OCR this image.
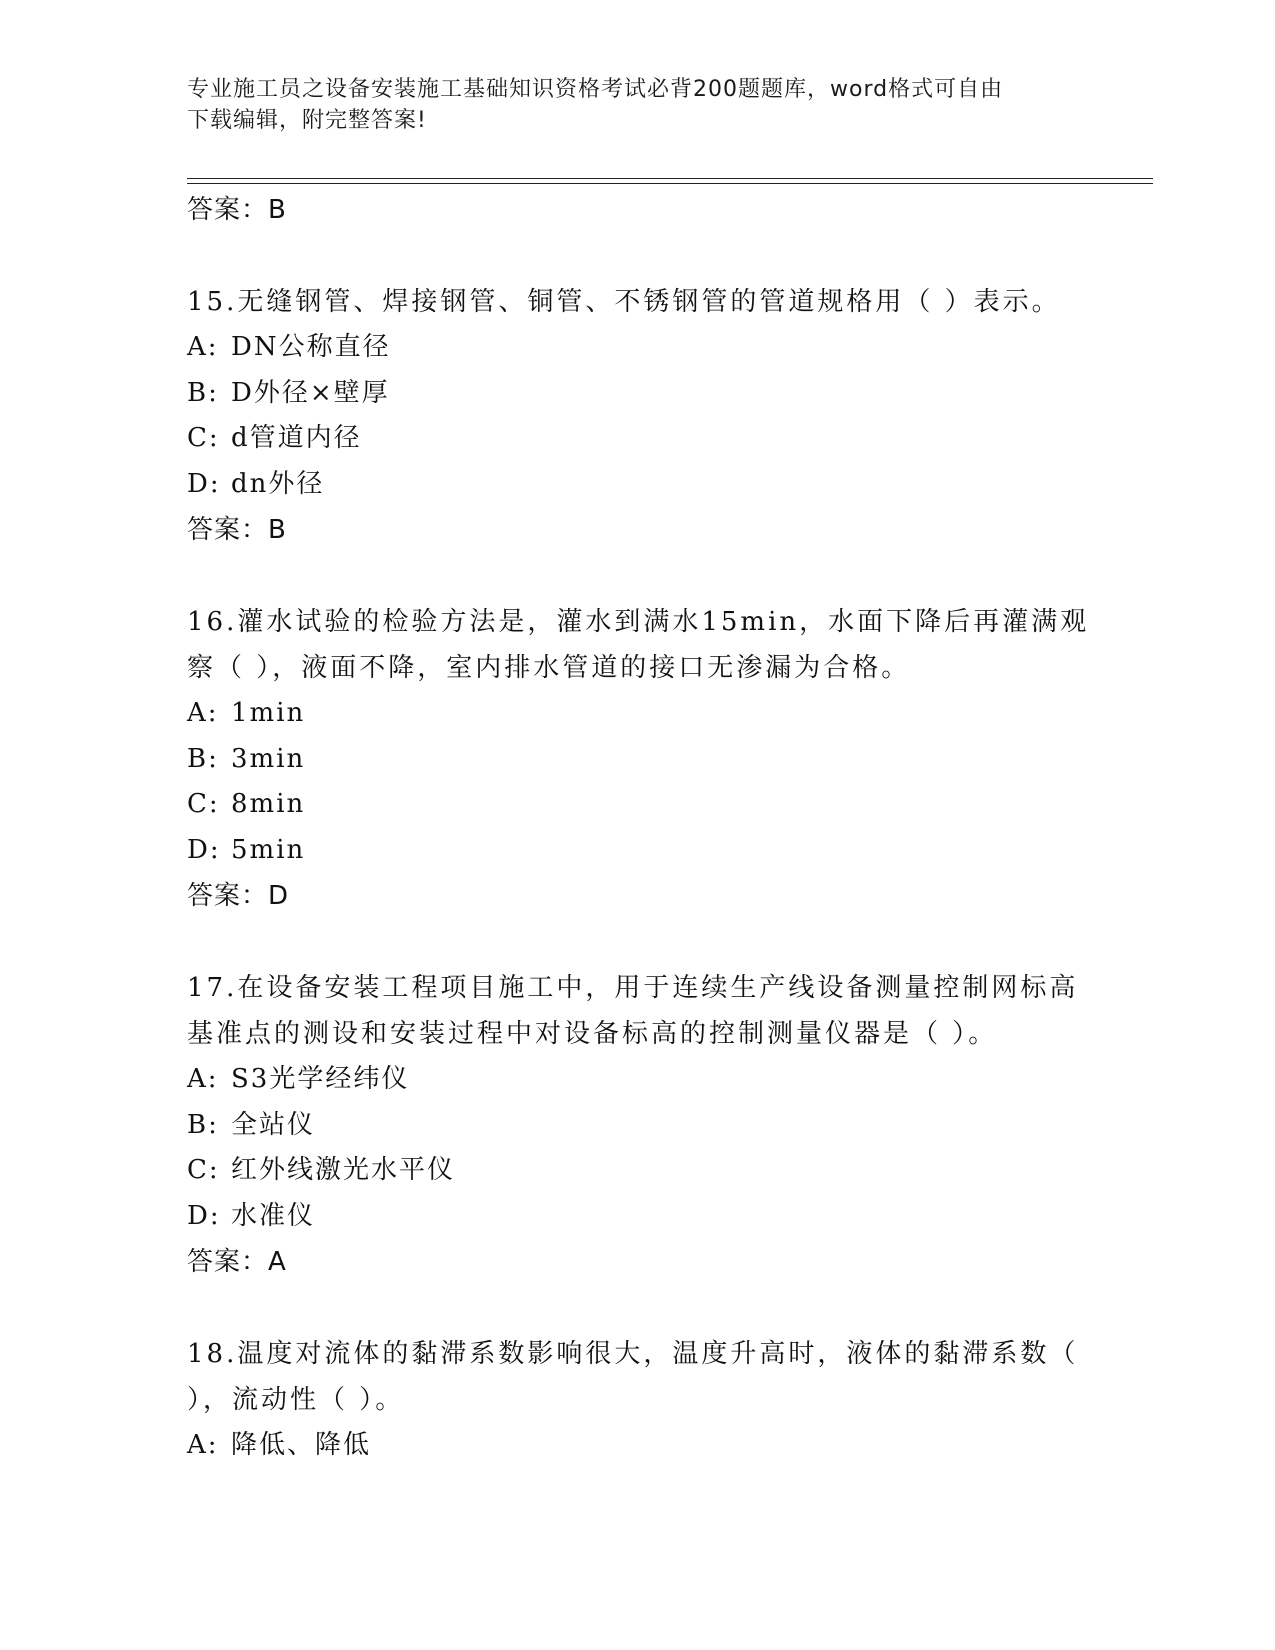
专业施工员之设备安装施工基础知识资格考试必背200题题库，word格式可自由
下载编辑，附完整答案!
答案：B
15.无缝钢管、焊接钢管、铜管、不锈钢管的管道规格用（ ）表示。
A: DN公称直径
B: D外径×壁厚
C: d管道内径
D: dn外径
答案：B
16.灌水试验的检验方法是，灌水到满水15min，水面下降后再灌满观
察（ ），液面不降，室内排水管道的接口无渗漏为合格。
A: 1min
B: 3min
C: 8min
D: 5min
答案：D
17.在设备安装工程项目施工中，用于连续生产线设备测量控制网标高
基准点的测设和安装过程中对设备标高的控制测量仪器是（ ）。
A: S3光学经纬仪
B: 全站仪
C: 红外线激光水平仪
D: 水准仪
答案：A
18.温度对流体的黏滞系数影响很大，温度升高时，液体的黏滞系数（
），流动性（ ）。
A: 降低、降低
